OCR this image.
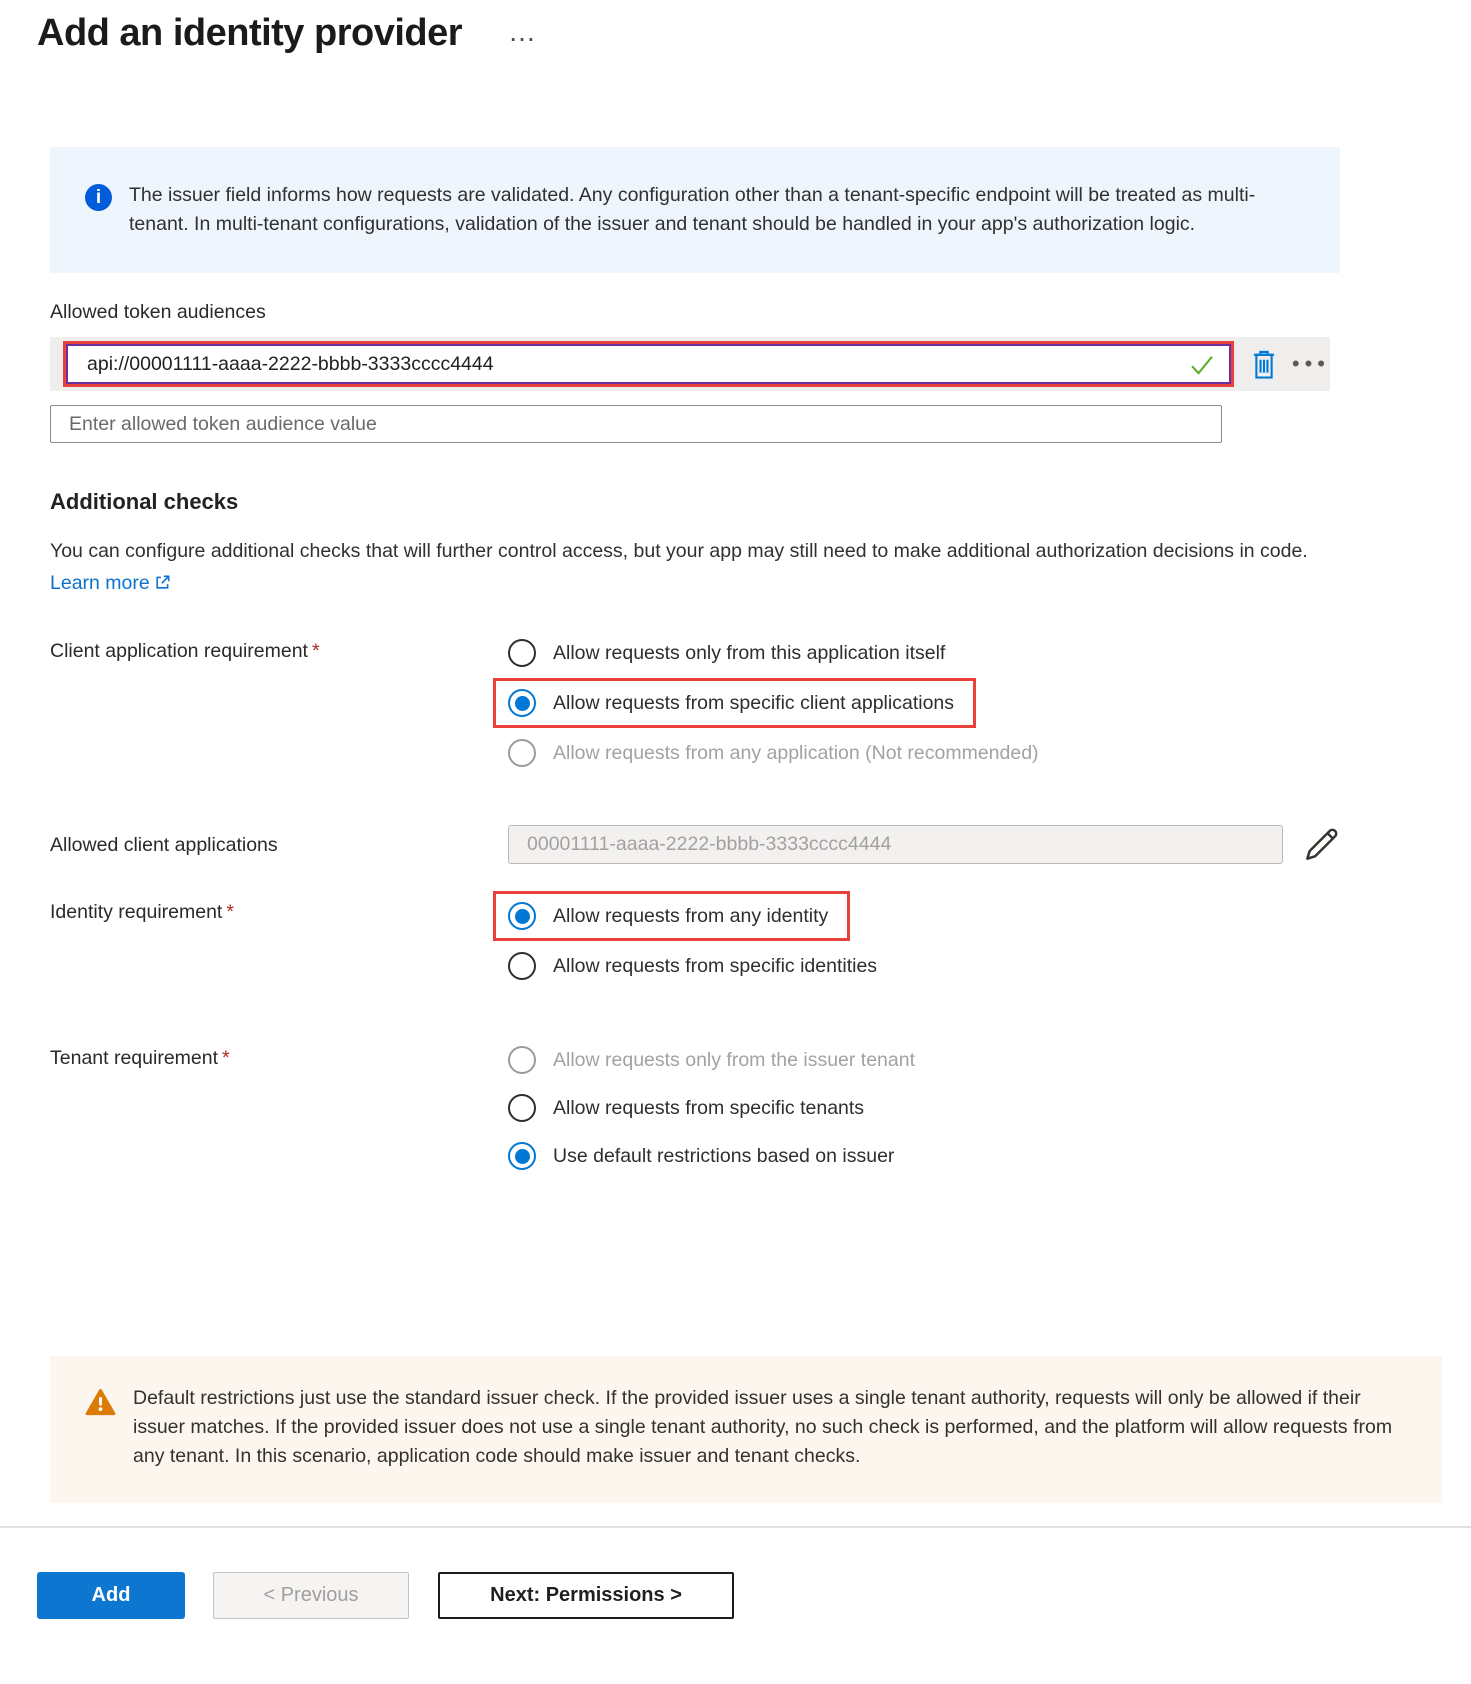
Add an identity provider …
i	The issuer field informs how requests are validated. Any configuration other than a tenant-specific endpoint will be treated as multi-tenant. In multi-tenant configurations, validation of the issuer and tenant should be handled in your app's authorization logic.

Allowed token audiences
api://00001111-aaaa-2222-bbbb-3333cccc4444
•••
Enter allowed token audience value
Additional checks

You can configure additional checks that will further control access, but your app may still need to make additional authorization decisions in code. Learn more

Client application requirement *	Allow requests only from this application itself
Allow requests from specific client applications
Allow requests from any application (Not recommended)
Allowed client applications
00001111-aaaa-2222-bbbb-3333cccc4444
Identity requirement *	Allow requests from any identity
Allow requests from specific identities
Tenant requirement *	Allow requests only from the issuer tenant
Allow requests from specific tenants
Use default restrictions based on issuer

Default restrictions just use the standard issuer check. If the provided issuer uses a single tenant authority, requests will only be allowed if their issuer matches. If the provided issuer does not use a single tenant authority, no such check is performed, and the platform will allow requests from any tenant. In this scenario, application code should make issuer and tenant checks.

Add	< Previous	Next: Permissions >
